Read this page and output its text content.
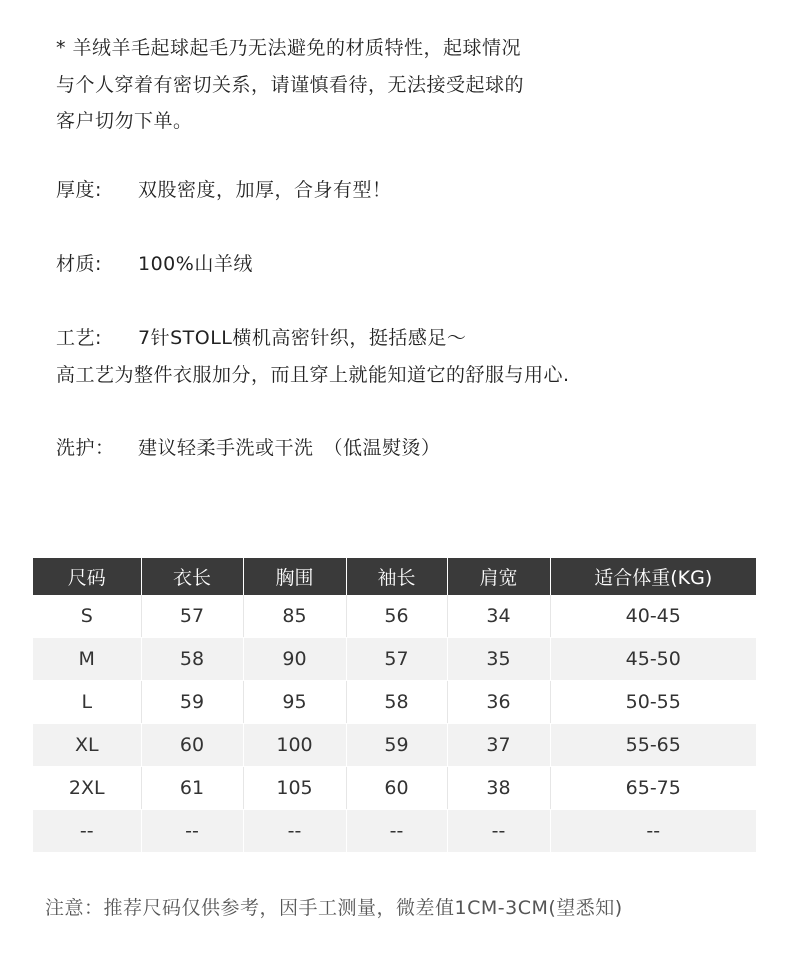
* 羊绒羊毛起球起毛乃无法避免的材质特性，起球情况
与个人穿着有密切关系，请谨慎看待，无法接受起球的
客户切勿下单。
厚度: 双股密度，加厚，合身有型！
材质: 100%山羊绒
工艺: 7针STOLL横机高密针织，挺括感足～
高工艺为整件衣服加分，而且穿上就能知道它的舒服与用心.
洗护： 建议轻柔手洗或干洗　（低温熨烫）
尺码	衣长	胸围	袖长	肩宽	适合体重(KG)
S	57	85	56	34	40-45
M	58	90	57	35	45-50
L	59	95	58	36	50-55
XL	60	100	59	37	55-65
2XL	61	105	60	38	65-75
--	--	--	--	--	--
注意：推荐尺码仅供参考，因手工测量，微差值1CM-3CM(望悉知)
